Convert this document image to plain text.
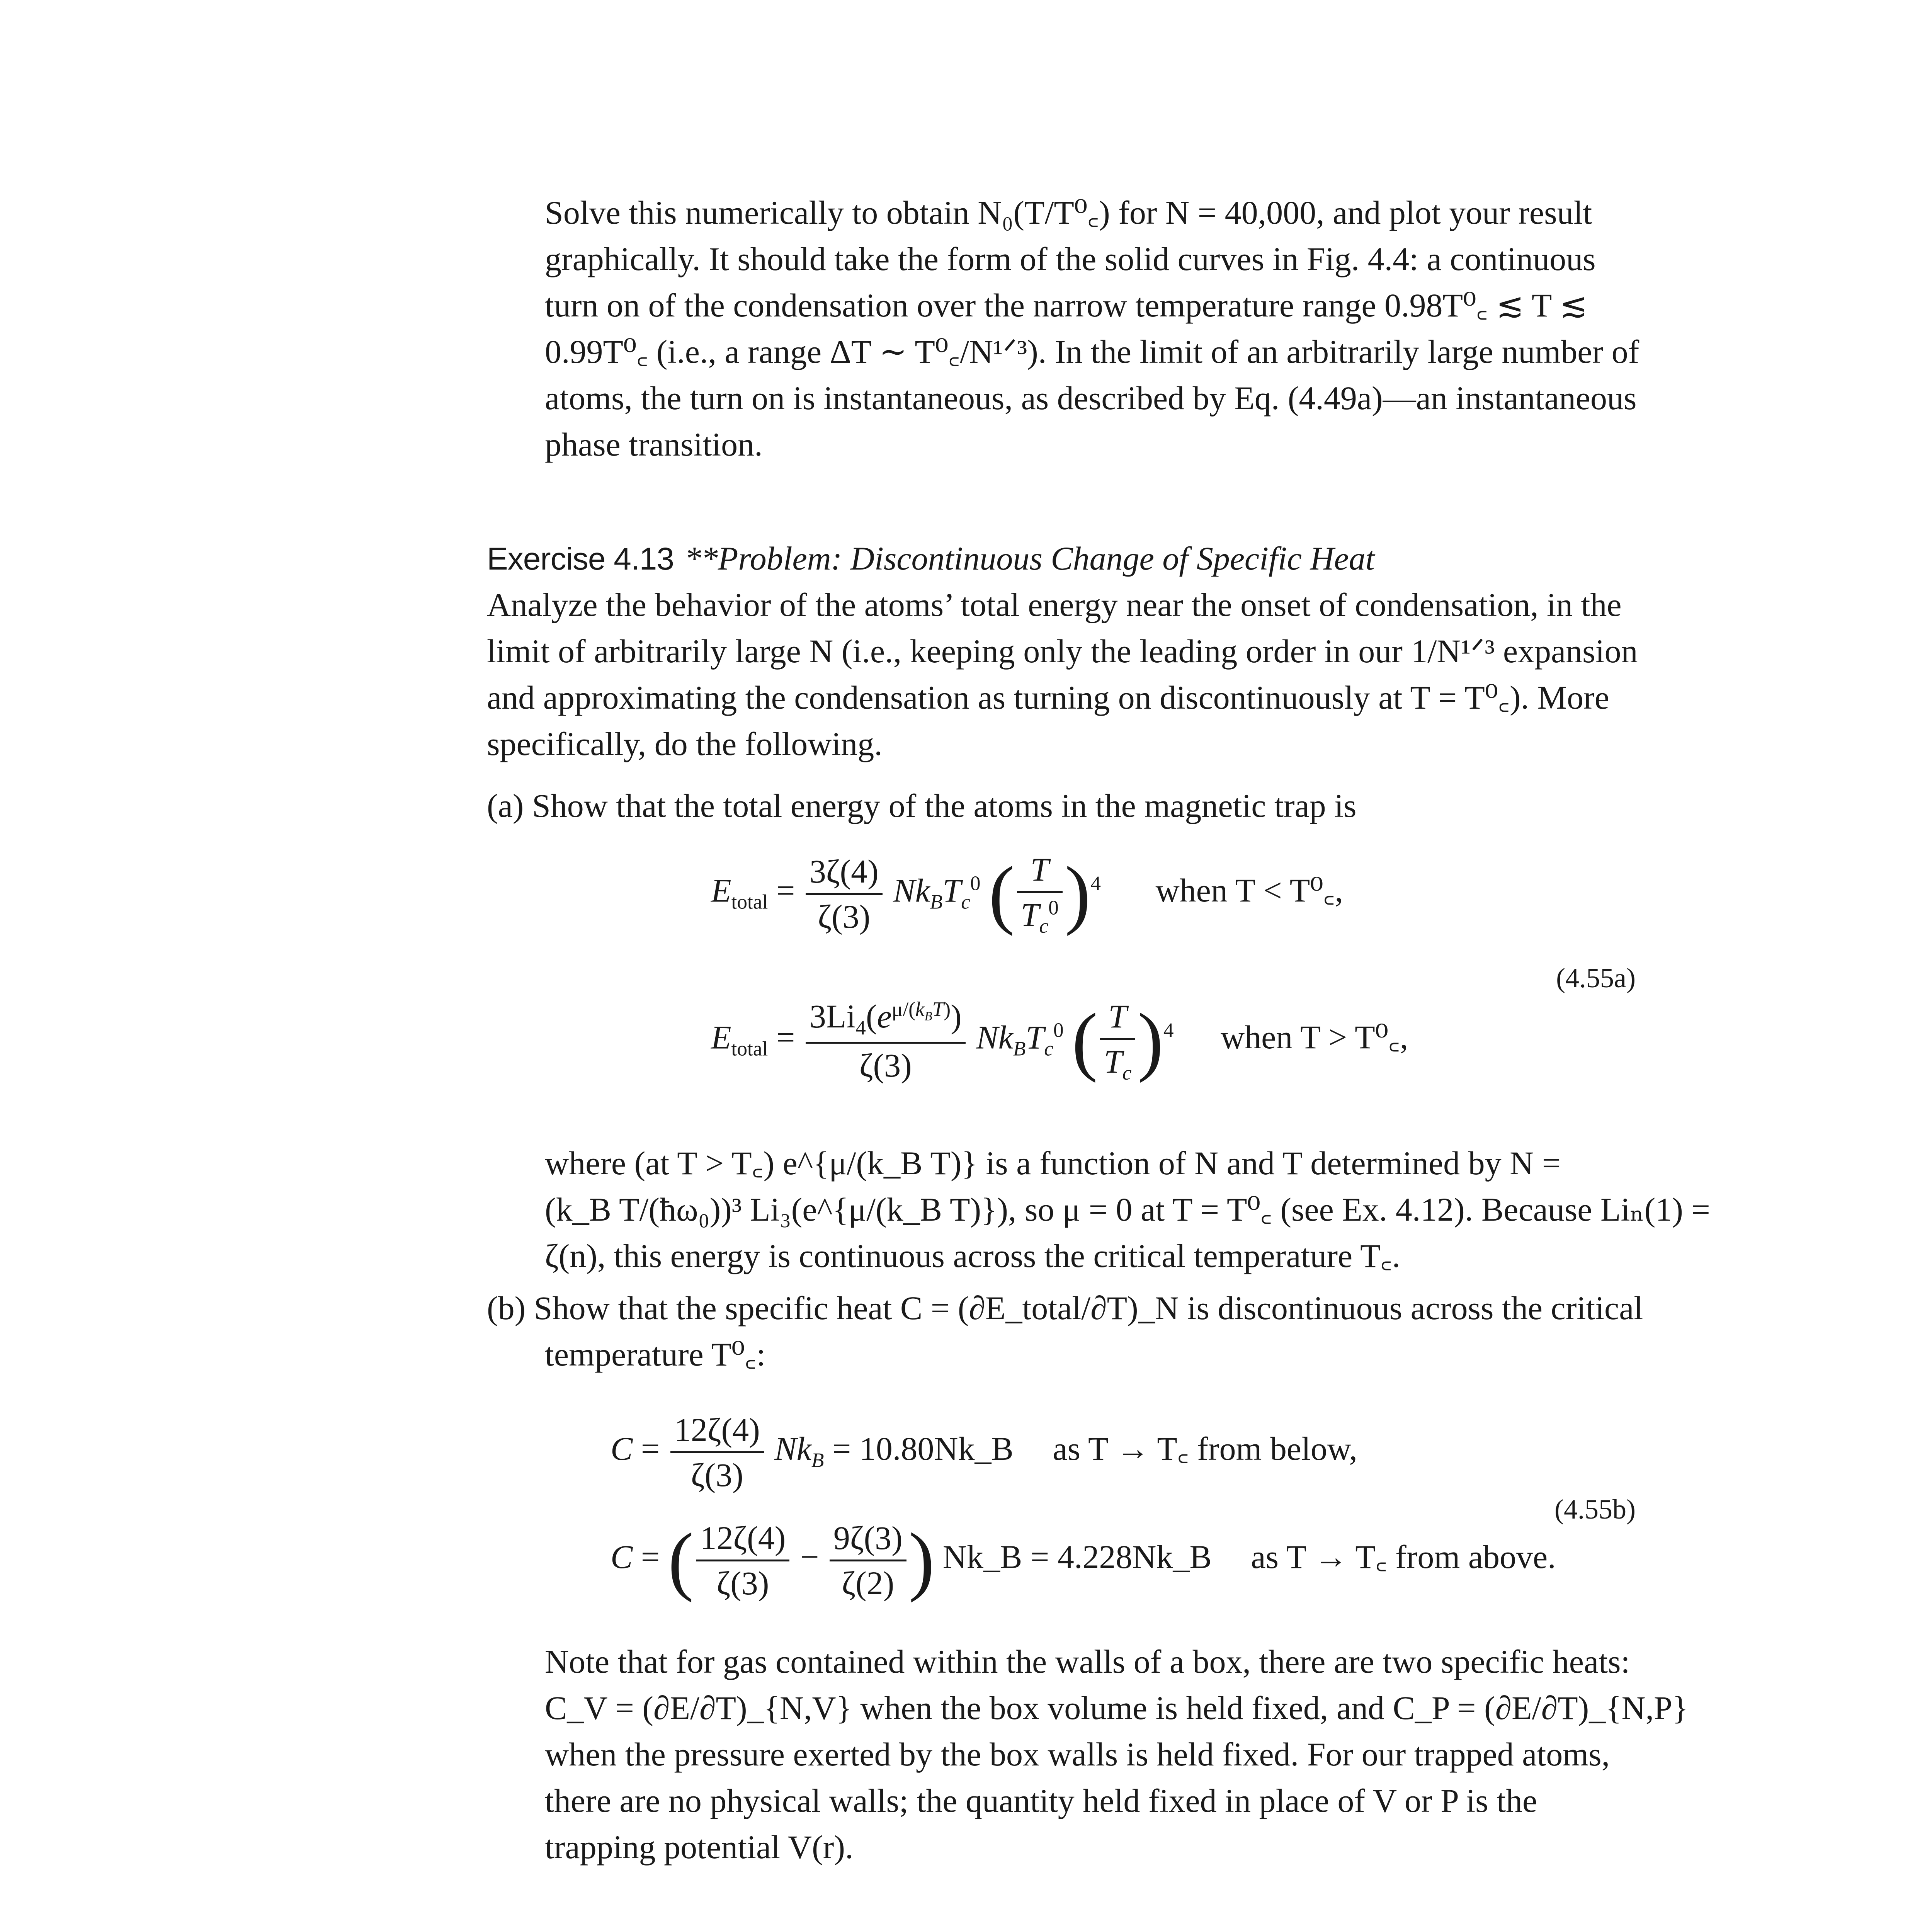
Solve this numerically to obtain N₀(T/T⁰꜀) for N = 40,000, and plot your result
graphically. It should take the form of the solid curves in Fig. 4.4: a continuous
turn on of the condensation over the narrow temperature range 0.98T⁰꜀ ≲ T ≲
0.99T⁰꜀ (i.e., a range ΔT ∼ T⁰꜀/N¹ᐟ³). In the limit of an arbitrarily large number of
atoms, the turn on is instantaneous, as described by Eq. (4.49a)—an instantaneous
phase transition.
Exercise 4.13 **Problem: Discontinuous Change of Specific Heat
Analyze the behavior of the atoms’ total energy near the onset of condensation, in the
limit of arbitrarily large N (i.e., keeping only the leading order in our 1/N¹ᐟ³ expansion
and approximating the condensation as turning on discontinuously at T = T⁰꜀). More
specifically, do the following.
(a) Show that the total energy of the atoms in the magnetic trap is
$E_{total} = \frac{3\zeta(4)}{\zeta(3)} Nk_BT_c^0$ ( $\frac{T}{T_c^0} )^4$ when T < T⁰꜀,
(4.55a)
$E_{total} = \frac{3Li_4(e^{\mu/(k_BT)})}{\zeta(3)} Nk_BT_c^0$ ( $\frac{T}{T_c} )^4$ when T > T⁰꜀,
where (at T > T꜀) e^{μ/(k_B T)} is a function of N and T determined by N =
(k_B T/(ħω₀))³ Li₃(e^{μ/(k_B T)}), so μ = 0 at T = T⁰꜀ (see Ex. 4.12). Because Liₙ(1) =
ζ(n), this energy is continuous across the critical temperature T꜀.
(b) Show that the specific heat C = (∂E_total/∂T)_N is discontinuous across the critical
temperature T⁰꜀:
$C = \frac{12\zeta(4)}{\zeta(3)} Nk_B$ = 10.80Nk_B as T → T꜀ from below,
(4.55b)
C = ( $\frac{12\zeta(4)}{\zeta(3)} - \frac{9\zeta(3)}{\zeta(2)}$ ) Nk_B = 4.228Nk_B as T → T꜀ from above.
Note that for gas contained within the walls of a box, there are two specific heats:
C_V = (∂E/∂T)_{N,V} when the box volume is held fixed, and C_P = (∂E/∂T)_{N,P}
when the pressure exerted by the box walls is held fixed. For our trapped atoms,
there are no physical walls; the quantity held fixed in place of V or P is the
trapping potential V(r).
